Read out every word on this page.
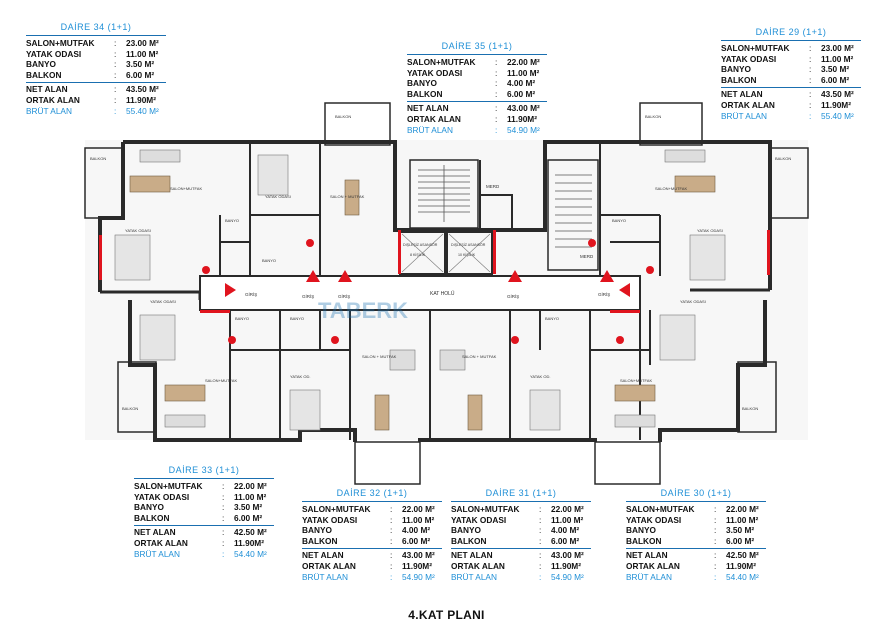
KAT HOLÜ
GİRİŞ	GİRİŞ	GİRİŞ	GİRİŞ	GİRİŞ
MERD
MERD
DIŞLEŞİZ ASANSÖR
8 KİŞİLİK
DIŞLEŞİZ ASANSÖR
10 KİŞİLİK
SALON+MUTFAK
YATAK ODASI	SALON + MUTFAK
BANYO
BANYO
YATAK ODASI
BALKON
BALKON	BALKON
BALKON
SALON+MUTFAK
BANYO
YATAK ODASI
YATAK ODASI
SALON+MUTFAK
BANYO	BANYO
YATAK OD.
SALON + MUTFAK	SALON + MUTFAK
YATAK OD.
BANYO
SALON+MUTFAK
YATAK ODASI
BALKON	BALKON
TABERK
DAİRE 34 (1+1)
SALON+MUTFAK	:	23.00 M²
YATAK ODASI	:	11.00 M²
BANYO	:	3.50 M²
BALKON	:	6.00 M²
NET ALAN	:	43.50 M²
ORTAK ALAN	:	11.90M²
BRÜT ALAN	:	55.40 M²
DAİRE 35 (1+1)
SALON+MUTFAK	:	22.00 M²
YATAK ODASI	:	11.00 M²
BANYO	:	4.00 M²
BALKON	:	6.00 M²
NET ALAN	:	43.00 M²
ORTAK ALAN	:	11.90M²
BRÜT ALAN	:	54.90 M²
DAİRE 29 (1+1)
SALON+MUTFAK	:	23.00 M²
YATAK ODASI	:	11.00 M²
BANYO	:	3.50 M²
BALKON	:	6.00 M²
NET ALAN	:	43.50 M²
ORTAK ALAN	:	11.90M²
BRÜT ALAN	:	55.40 M²
DAİRE 33 (1+1)
SALON+MUTFAK	:	22.00 M²
YATAK ODASI	:	11.00 M²
BANYO	:	3.50 M²
BALKON	:	6.00 M²
NET ALAN	:	42.50 M²
ORTAK ALAN	:	11.90M²
BRÜT ALAN	:	54.40 M²
DAİRE 32 (1+1)
SALON+MUTFAK	:	22.00 M²
YATAK ODASI	:	11.00 M²
BANYO	:	4.00 M²
BALKON	:	6.00 M²
NET ALAN	:	43.00 M²
ORTAK ALAN	:	11.90M²
BRÜT ALAN	:	54.90 M²
DAİRE 31 (1+1)
SALON+MUTFAK	:	22.00 M²
YATAK ODASI	:	11.00 M²
BANYO	:	4.00 M²
BALKON	:	6.00 M²
NET ALAN	:	43.00 M²
ORTAK ALAN	:	11.90M²
BRÜT ALAN	:	54.90 M²
DAİRE 30 (1+1)
SALON+MUTFAK	:	22.00 M²
YATAK ODASI	:	11.00 M²
BANYO	:	3.50 M²
BALKON	:	6.00 M²
NET ALAN	:	42.50 M²
ORTAK ALAN	:	11.90M²
BRÜT ALAN	:	54.40 M²
4.KAT PLANI
